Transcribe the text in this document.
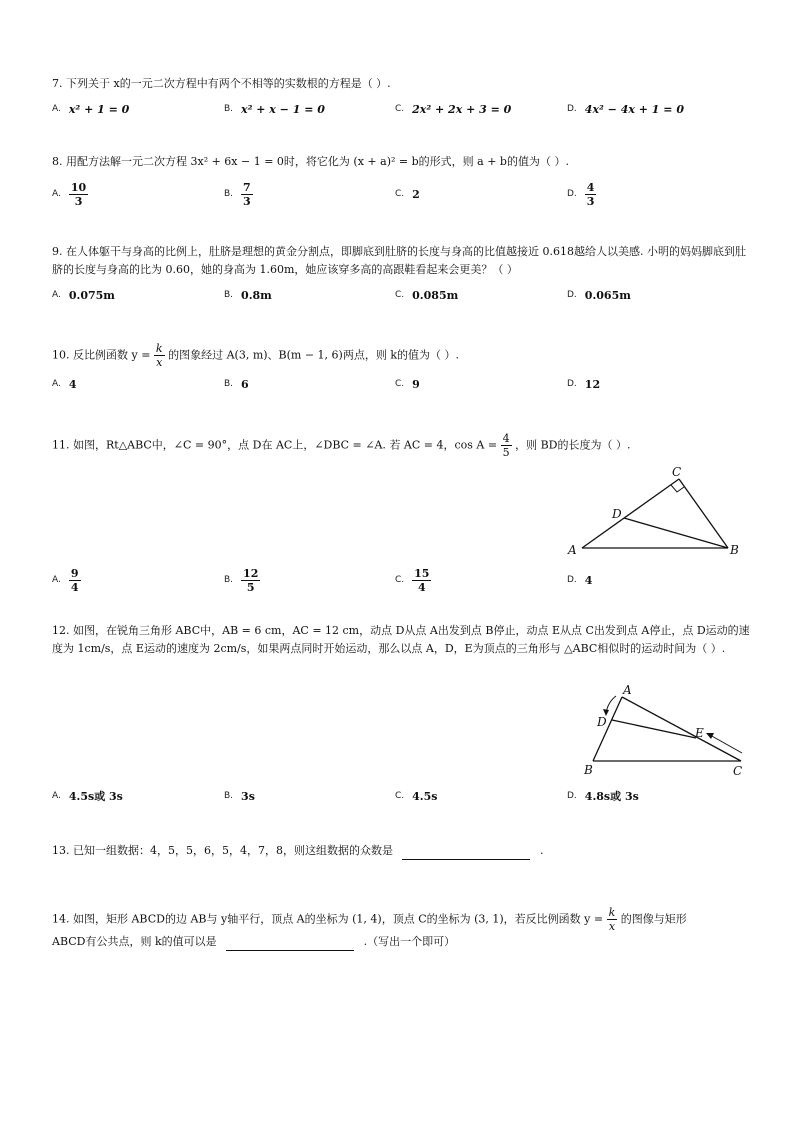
7. 下列关于 x的一元二次方程中有两个不相等的实数根的方程是（ ）.
A. x² + 1 = 0	B. x² + x − 1 = 0	C. 2x² + 2x + 3 = 0	D. 4x² − 4x + 1 = 0
8. 用配方法解一元二次方程 3x² + 6x − 1 = 0时，将它化为 (x + a)² = b的形式，则 a + b的值为（ ）.
A. $\frac{10}{3}$	B. $\frac{7}{3}$	C. 2	D. $\frac{4}{3}$
9. 在人体躯干与身高的比例上，肚脐是理想的黄金分割点，即脚底到肚脐的长度与身高的比值越接近 0.618越给人以美感. 小明的妈妈脚底到肚脐的长度与身高的比为 0.60，她的身高为 1.60m，她应该穿多高的高跟鞋看起来会更美？（ ）
A. 0.075m	B. 0.8m	C. 0.085m	D. 0.065m
10. 反比例函数 $y = \frac{k}{x}$ 的图象经过 A(3, m)、B(m − 1, 6)两点，则 k的值为（ ）.
A. 4	B. 6	C. 9	D. 12
11. 如图，Rt△ABC中，∠C = 90°，点 D在 AC上，∠DBC = ∠A. 若 AC = 4，$\cos A = \frac{4}{5}$ ，则 BD的长度为（ ）.
A	B
C
D
A. $\frac{9}{4}$	B. $\frac{12}{5}$	C. $\frac{15}{4}$	D. 4
12. 如图，在锐角三角形 ABC中，AB = 6 cm，AC = 12 cm，动点 D从点 A出发到点 B停止，动点 E从点 C出发到点 A停止，点 D运动的速度为 1cm/s，点 E运动的速度为 2cm/s，如果两点同时开始运动，那么以点 A，D，E为顶点的三角形与 △ABC相似时的运动时间为（ ）.
A
B	C
D
E
A. 4.5s或 3s	B. 3s	C. 4.5s	D. 4.8s或 3s
13. 已知一组数据：4，5，5，6，5，4，7，8，则这组数据的众数是	.
14. 如图，矩形 ABCD的边 AB与 y轴平行，顶点 A的坐标为 (1, 4)，顶点 C的坐标为 (3, 1)，若反比例函数 $y = \frac{k}{x}$ 的图像与矩形
ABCD有公共点，则 k的值可以是	.（写出一个即可）
